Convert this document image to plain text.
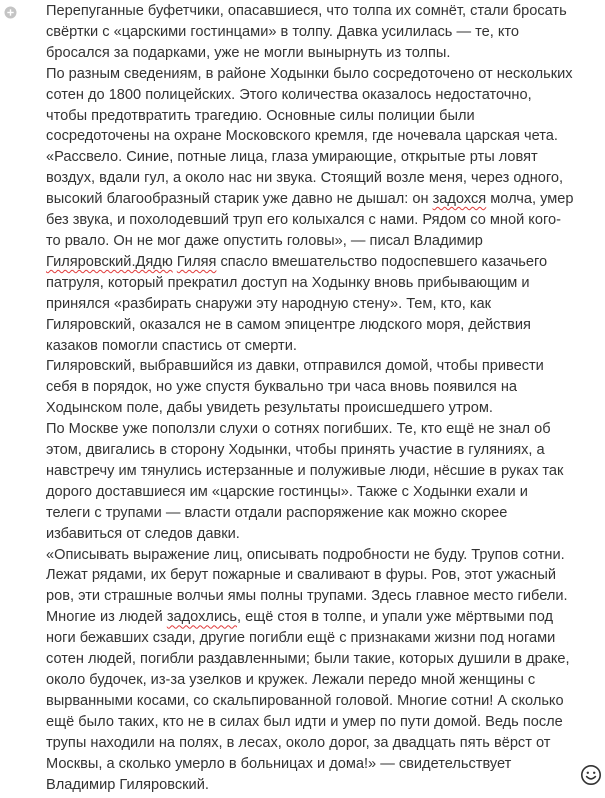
Перепуганные буфетчики, опасавшиеся, что толпа их сомнёт, стали бросать
свёртки с «царскими гостинцами» в толпу. Давка усилилась — те, кто
бросался за подарками, уже не могли вынырнуть из толпы.
По разным сведениям, в районе Ходынки было сосредоточено от нескольких
сотен до 1800 полицейских. Этого количества оказалось недостаточно,
чтобы предотвратить трагедию. Основные силы полиции были
сосредоточены на охране Московского кремля, где ночевала царская чета.
«Рассвело. Синие, потные лица, глаза умирающие, открытые рты ловят
воздух, вдали гул, а около нас ни звука. Стоящий возле меня, через одного,
высокий благообразный старик уже давно не дышал: он задохся молча, умер
без звука, и похолодевший труп его колыхался с нами. Рядом со мной кого-
то рвало. Он не мог даже опустить головы», — писал Владимир
Гиляровский.Дядю Гиляя спасло вмешательство подоспевшего казачьего
патруля, который прекратил доступ на Ходынку вновь прибывающим и
принялся «разбирать снаружи эту народную стену». Тем, кто, как
Гиляровский, оказался не в самом эпицентре людского моря, действия
казаков помогли спастись от смерти.
Гиляровский, выбравшийся из давки, отправился домой, чтобы привести
себя в порядок, но уже спустя буквально три часа вновь появился на
Ходынском поле, дабы увидеть результаты происшедшего утром.
По Москве уже поползли слухи о сотнях погибших. Те, кто ещё не знал об
этом, двигались в сторону Ходынки, чтобы принять участие в гуляниях, а
навстречу им тянулись истерзанные и полуживые люди, нёсшие в руках так
дорого доставшиеся им «царские гостинцы». Также с Ходынки ехали и
телеги с трупами — власти отдали распоряжение как можно скорее
избавиться от следов давки.
«Описывать выражение лиц, описывать подробности не буду. Трупов сотни.
Лежат рядами, их берут пожарные и сваливают в фуры. Ров, этот ужасный
ров, эти страшные волчьи ямы полны трупами. Здесь главное место гибели.
Многие из людей задохлись, ещё стоя в толпе, и упали уже мёртвыми под
ноги бежавших сзади, другие погибли ещё с признаками жизни под ногами
сотен людей, погибли раздавленными; были такие, которых душили в драке,
около будочек, из-за узелков и кружек. Лежали передо мной женщины с
вырванными косами, со скальпированной головой. Многие сотни! А сколько
ещё было таких, кто не в силах был идти и умер по пути домой. Ведь после
трупы находили на полях, в лесах, около дорог, за двадцать пять вёрст от
Москвы, а сколько умерло в больницах и дома!» — свидетельствует
Владимир Гиляровский.
